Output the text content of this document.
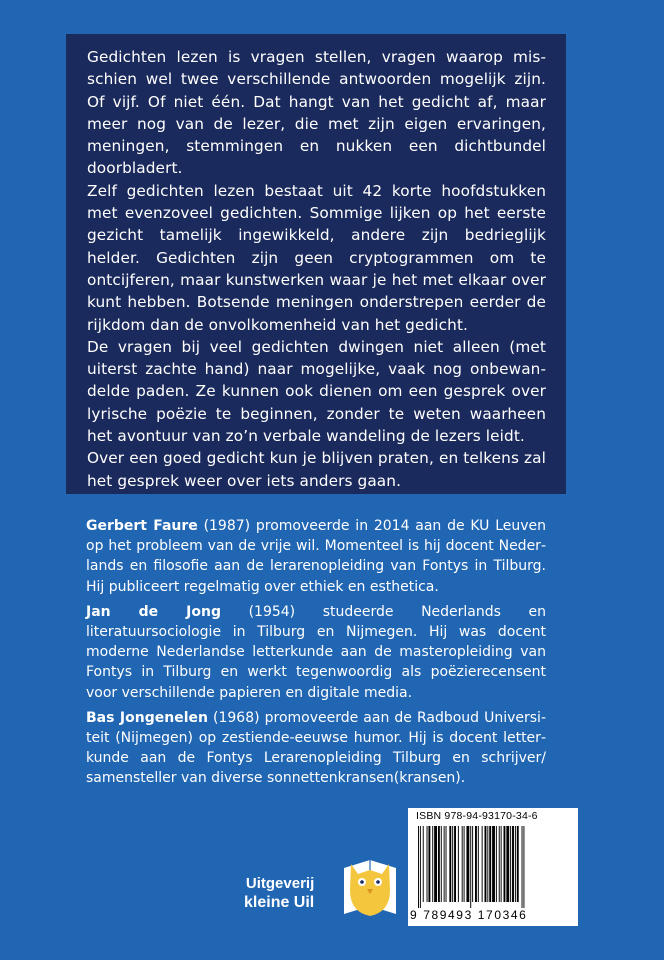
Gedichten lezen is vragen stellen, vragen waarop misschien wel twee verschillende antwoorden mogelijk zijn. Of vijf. Of niet één. Dat hangt van het gedicht af, maar meer nog van de lezer, die met zijn eigen ervaringen, meningen, stemmingen en nukken een dichtbundel doorbladert.

Zelf gedichten lezen bestaat uit 42 korte hoofdstukken met evenzoveel gedichten. Sommige lijken op het eerste gezicht tamelijk ingewikkeld, andere zijn bedrieglijk helder. Gedichten zijn geen cryptogrammen om te ontcijferen, maar kunstwerken waar je het met elkaar over kunt hebben. Botsende meningen onderstrepen eerder de rijkdom dan de onvolkomenheid van het gedicht.

De vragen bij veel gedichten dwingen niet alleen (met uiterst zachte hand) naar mogelijke, vaak nog onbewandelde paden. Ze kunnen ook dienen om een gesprek over lyrische poëzie te beginnen, zonder te weten waarheen het avontuur van zo’n verbale wandeling de lezers leidt.

Over een goed gedicht kun je blijven praten, en telkens zal het gesprek weer over iets anders gaan.

Gerbert Faure (1987) promoveerde in 2014 aan de KU Leuven op het probleem van de vrije wil. Momenteel is hij docent Nederlands en filosofie aan de lerarenopleiding van Fontys in Tilburg. Hij publiceert regelmatig over ethiek en esthetica.

Jan de Jong (1954) studeerde Nederlands en literatuursociologie in Tilburg en Nijmegen. Hij was docent moderne Nederlandse letterkunde aan de masteropleiding van Fontys in Tilburg en werkt tegenwoordig als poëzierecensent voor verschillende papieren en digitale media.

Bas Jongenelen (1968) promoveerde aan de Radboud Universiteit (Nijmegen) op zestiende-eeuwse humor. Hij is docent letterkunde aan de Fontys Lerarenopleiding Tilburg en schrijver/ samensteller van diverse sonnettenkransen(kransen).

Uitgeverij
kleine Uil
ISBN 978-94-93170-34-6
9 789493 170346
